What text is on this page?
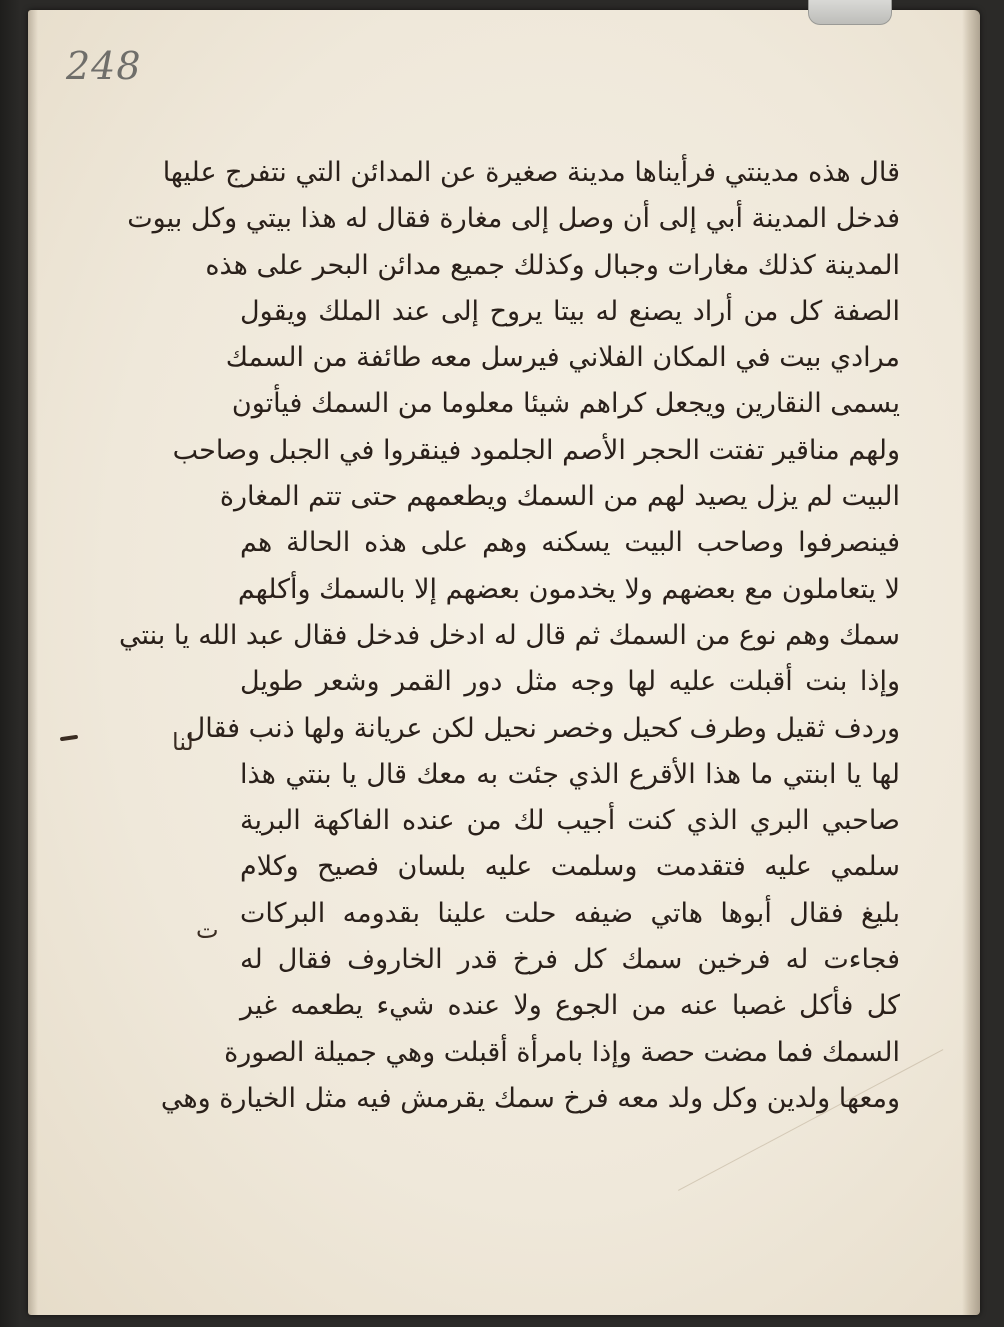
248
قال هذه مدينتي فرأيناها مدينة صغيرة عن المدائن التي نتفرج عليها
فدخل المدينة أبي إلى أن وصل إلى مغارة فقال له هذا بيتي وكل بيوت
المدينة كذلك مغارات وجبال وكذلك جميع مدائن البحر على هذه
الصفة كل من أراد يصنع له بيتا يروح إلى عند الملك ويقول
مرادي بيت في المكان الفلاني فيرسل معه طائفة من السمك
يسمى النقارين ويجعل كراهم شيئا معلوما من السمك فيأتون
ولهم مناقير تفتت الحجر الأصم الجلمود فينقروا في الجبل وصاحب
البيت لم يزل يصيد لهم من السمك ويطعمهم حتى تتم المغارة
فينصرفوا وصاحب البيت يسكنه وهم على هذه الحالة هم
لا يتعاملون مع بعضهم ولا يخدمون بعضهم إلا بالسمك وأكلهم
سمك وهم نوع من السمك ثم قال له ادخل فدخل فقال عبد الله يا بنتي
وإذا بنت أقبلت عليه لها وجه مثل دور القمر وشعر طويل
وردف ثقيل وطرف كحيل وخصر نحيل لكن عريانة ولها ذنب فقال
لها يا ابنتي ما هذا الأقرع الذي جئت به معك قال يا بنتي هذا
صاحبي البري الذي كنت أجيب لك من عنده الفاكهة البرية
سلمي عليه فتقدمت وسلمت عليه بلسان فصيح وكلام
بليغ فقال أبوها هاتي ضيفه حلت علينا بقدومه البركات
فجاءت له فرخين سمك كل فرخ قدر الخاروف فقال له
كل فأكل غصبا عنه من الجوع ولا عنده شيء يطعمه غير
السمك فما مضت حصة وإذا بامرأة أقبلت وهي جميلة الصورة
ومعها ولدين وكل ولد معه فرخ سمك يقرمش فيه مثل الخيارة وهي
لنا
ت
